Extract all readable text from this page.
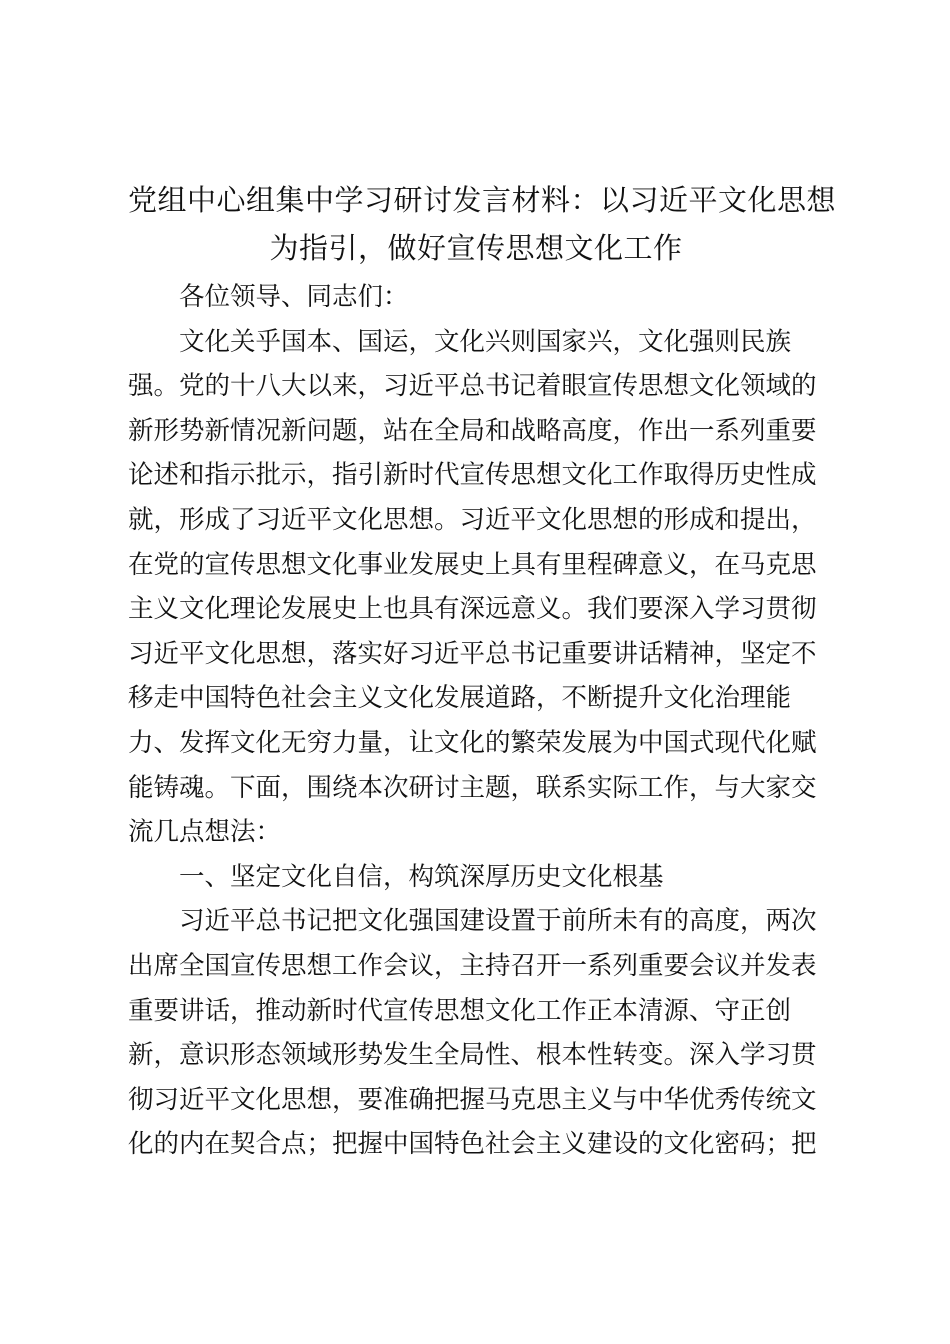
党组中心组集中学习研讨发言材料：以习近平文化思想
为指引，做好宣传思想文化工作
各位领导、同志们：
文化关乎国本、国运，文化兴则国家兴，文化强则民族
强。党的十八大以来，习近平总书记着眼宣传思想文化领域的
新形势新情况新问题，站在全局和战略高度，作出一系列重要
论述和指示批示，指引新时代宣传思想文化工作取得历史性成
就，形成了习近平文化思想。习近平文化思想的形成和提出，
在党的宣传思想文化事业发展史上具有里程碑意义，在马克思
主义文化理论发展史上也具有深远意义。我们要深入学习贯彻
习近平文化思想，落实好习近平总书记重要讲话精神，坚定不
移走中国特色社会主义文化发展道路，不断提升文化治理能
力、发挥文化无穷力量，让文化的繁荣发展为中国式现代化赋
能铸魂。下面，围绕本次研讨主题，联系实际工作，与大家交
流几点想法：
一、坚定文化自信，构筑深厚历史文化根基
习近平总书记把文化强国建设置于前所未有的高度，两次
出席全国宣传思想工作会议，主持召开一系列重要会议并发表
重要讲话，推动新时代宣传思想文化工作正本清源、守正创
新，意识形态领域形势发生全局性、根本性转变。深入学习贯
彻习近平文化思想，要准确把握马克思主义与中华优秀传统文
化的内在契合点；把握中国特色社会主义建设的文化密码；把
